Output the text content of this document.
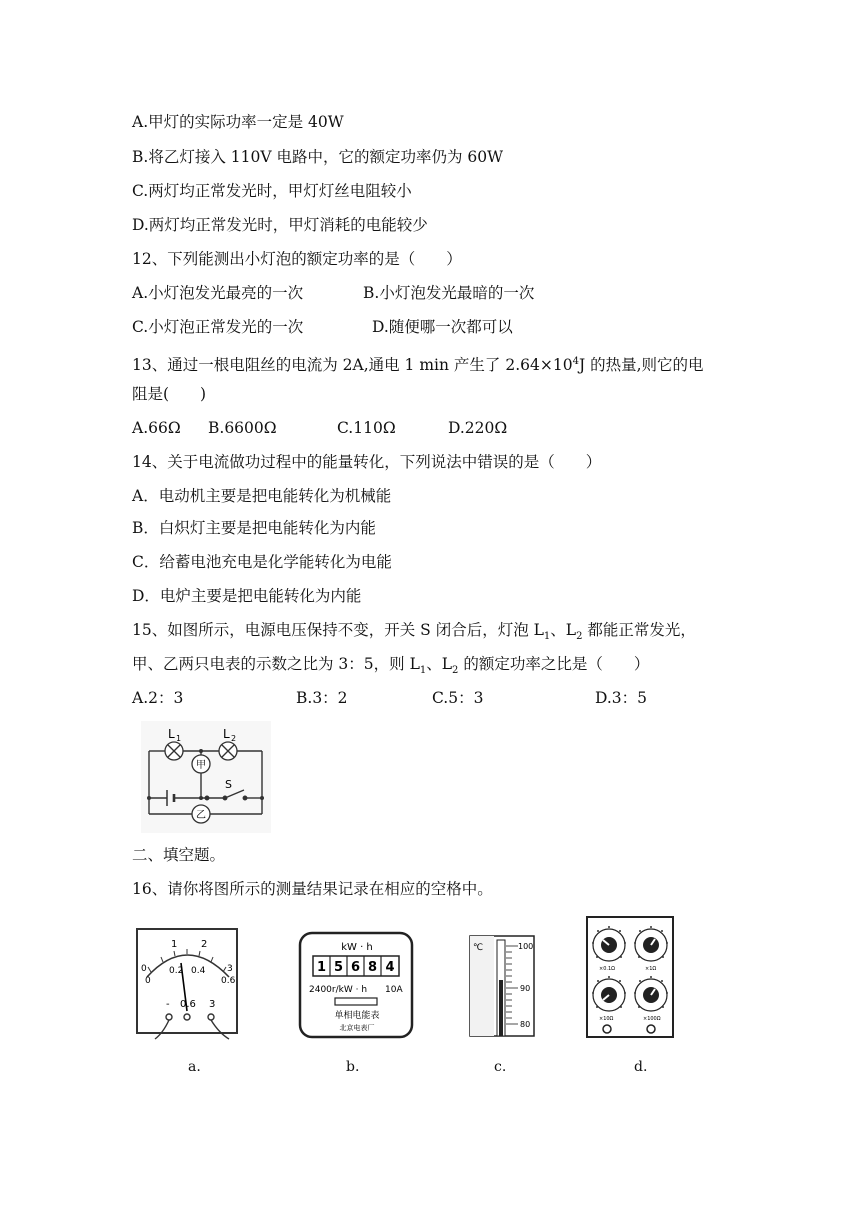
A.甲灯的实际功率一定是 40W
B.将乙灯接入 110V 电路中，它的额定功率仍为 60W
C.两灯均正常发光时，甲灯灯丝电阻较小
D.两灯均正常发光时，甲灯消耗的电能较少
12、下列能测出小灯泡的额定功率的是（　　）
A.小灯泡发光最亮的一次	B.小灯泡发光最暗的一次
C.小灯泡正常发光的一次	D.随便哪一次都可以
13、通过一根电阻丝的电流为 2A,通电 1 min 产生了 $2.64\times 10^4J$ 的热量,则它的电
阻是(　　)
A.66Ω B.6600Ω	C.110Ω	D.220Ω
14、关于电流做功过程中的能量转化，下列说法中错误的是（　　）
A．电动机主要是把电能转化为机械能
B．白炽灯主要是把电能转化为内能
C．给蓄电池充电是化学能转化为电能
D．电炉主要是把电能转化为内能
15、如图所示，电源电压保持不变，开关 S 闭合后，灯泡 $L_1$、$L_2$ 都能正常发光，
甲、乙两只电表的示数之比为 3：5，则 $L_1$、$L_2$ 的额定功率之比是（　　）
A.2：3	B.3：2	C.5：3	D.3：5
甲
乙
L 1	L 2
S
二、填空题。
16、请你将图所示的测量结果记录在相应的空格中。
1 2
0.2 0.4
0
0
3
0.6
- 0.6 3
a.
kW · h
1 5 6 8 4
2400r/kW · h 10A
单相电能表
北京电表厂
b.
℃	100
90
80
c.
×0.1Ω	×1Ω
×10Ω	×100Ω
d.
